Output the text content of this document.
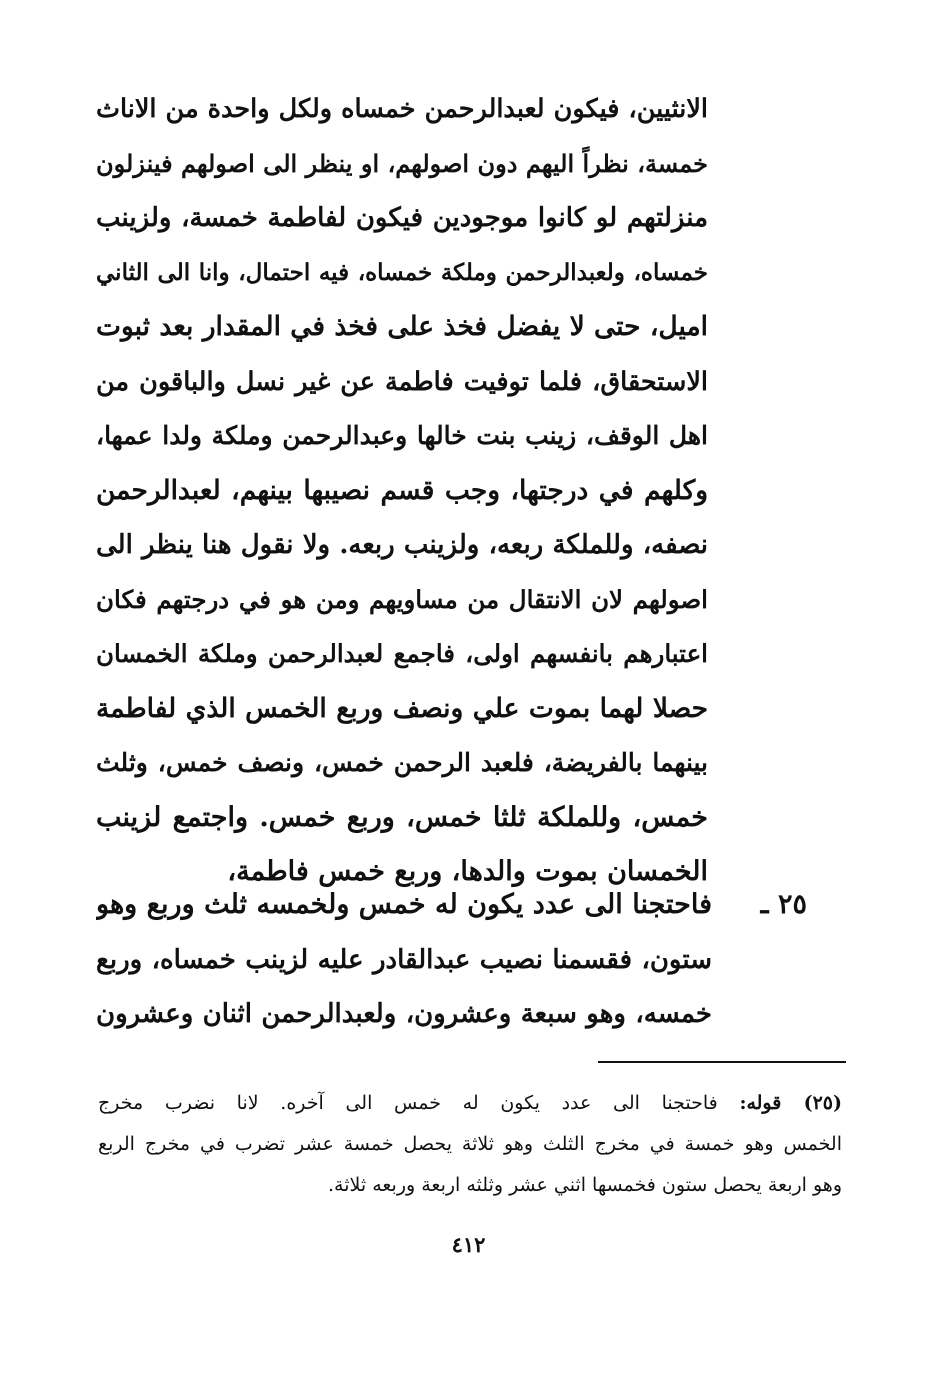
الانثيين، فيكون لعبدالرحمن خمساه ولكل واحدة من الاناث
خمسة، نظراً اليهم دون اصولهم، او ينظر الى اصولهم فينزلون
منزلتهم لو كانوا موجودين فيكون لفاطمة خمسة، ولزينب
خمساه، ولعبدالرحمن وملكة خمساه، فيه احتمال، وانا الى الثاني
اميل، حتى لا يفضل فخذ على فخذ في المقدار بعد ثبوت
الاستحقاق، فلما توفيت فاطمة عن غير نسل والباقون من
اهل الوقف، زينب بنت خالها وعبدالرحمن وملكة ولدا عمها،
وكلهم في درجتها، وجب قسم نصيبها بينهم، لعبدالرحمن
نصفه، وللملكة ربعه، ولزينب ربعه. ولا نقول هنا ينظر الى
اصولهم لان الانتقال من مساويهم ومن هو في درجتهم فكان
اعتبارهم بانفسهم اولى، فاجمع لعبدالرحمن وملكة الخمسان
حصلا لهما بموت علي ونصف وربع الخمس الذي لفاطمة
بينهما بالفريضة، فلعبد الرحمن خمس، ونصف خمس، وثلث
خمس، وللملكة ثلثا خمس، وربع خمس. واجتمع لزينب
الخمسان بموت والدها، وربع خمس فاطمة،
٢٥ ـ
فاحتجنا الى عدد يكون له خمس ولخمسه ثلث وربع وهو
ستون، فقسمنا نصيب عبدالقادر عليه لزينب خمساه، وربع
خمسه، وهو سبعة وعشرون، ولعبدالرحمن اثنان وعشرون
(٢٥) قوله: فاحتجنا الى عدد يكون له خمس الى آخره. لانا نضرب مخرج
الخمس وهو خمسة في مخرج الثلث وهو ثلاثة يحصل خمسة عشر تضرب في مخرج الربع
وهو اربعة يحصل ستون فخمسها اثني عشر وثلثه اربعة وربعه ثلاثة.
٤١٢
